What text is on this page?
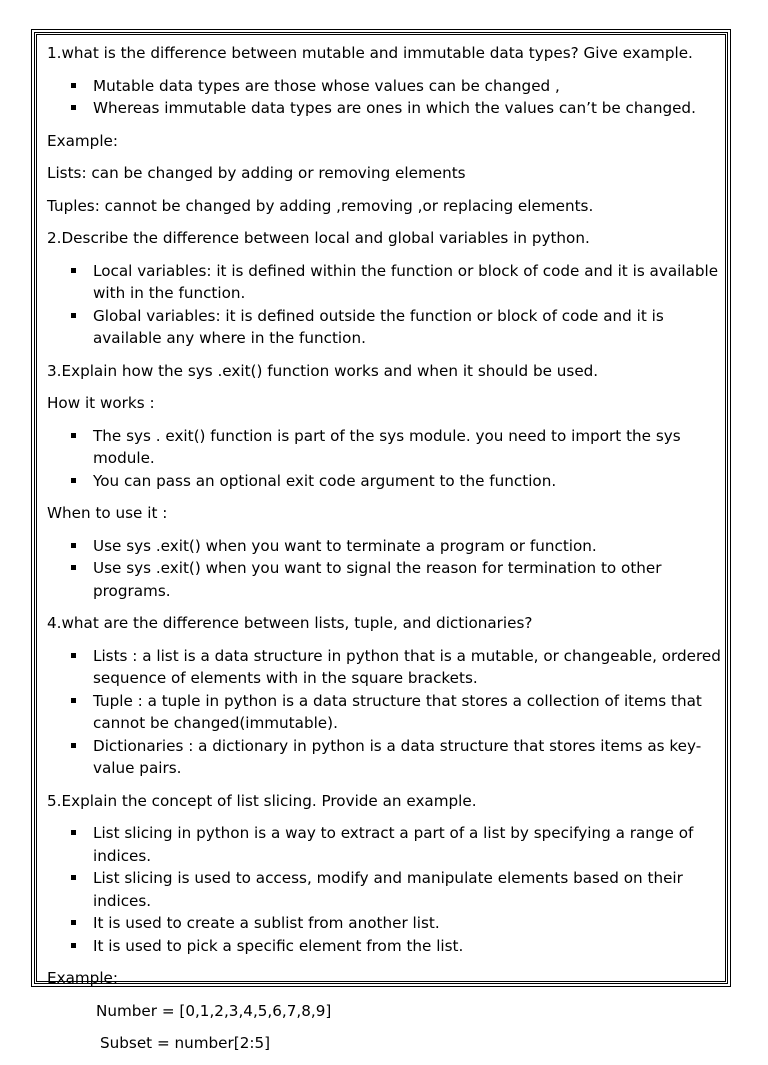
1.what is the difference between mutable and immutable data types? Give example.

Mutable data types are those whose values can be changed ,
Whereas immutable data types are ones in which the values can’t be changed.

Example:

Lists: can be changed by adding or removing elements

Tuples: cannot be changed by adding ,removing ,or replacing elements.

2.Describe the difference between local and global variables in python.

Local variables: it is defined within the function or block of code and it is available with in the function.
Global variables: it is defined outside the function or block of code and it is available any where in the function.

3.Explain how the sys .exit() function works and when it should be used.

How it works :

The sys . exit() function is part of the sys module. you need to import the sys module.
You can pass an optional exit code argument to the function.

When to use it :

Use sys .exit() when you want to terminate a program or function.
Use sys .exit() when you want to signal the reason for termination to other programs.

4.what are the difference between lists, tuple, and dictionaries?

Lists : a list is a data structure in python that is a mutable, or changeable, ordered sequence of elements with in the square brackets.
Tuple : a tuple in python is a data structure that stores a collection of items that cannot be changed(immutable).
Dictionaries : a dictionary in python is a data structure that stores items as key-value pairs.

5.Explain the concept of list slicing. Provide an example.

List slicing in python is a way to extract a part of a list by specifying a range of indices.
List slicing is used to access, modify and manipulate elements based on their indices.
It is used to create a sublist from another list.
It is used to pick a specific element from the list.

Example:

Number = [0,1,2,3,4,5,6,7,8,9]

Subset = number[2:5]
